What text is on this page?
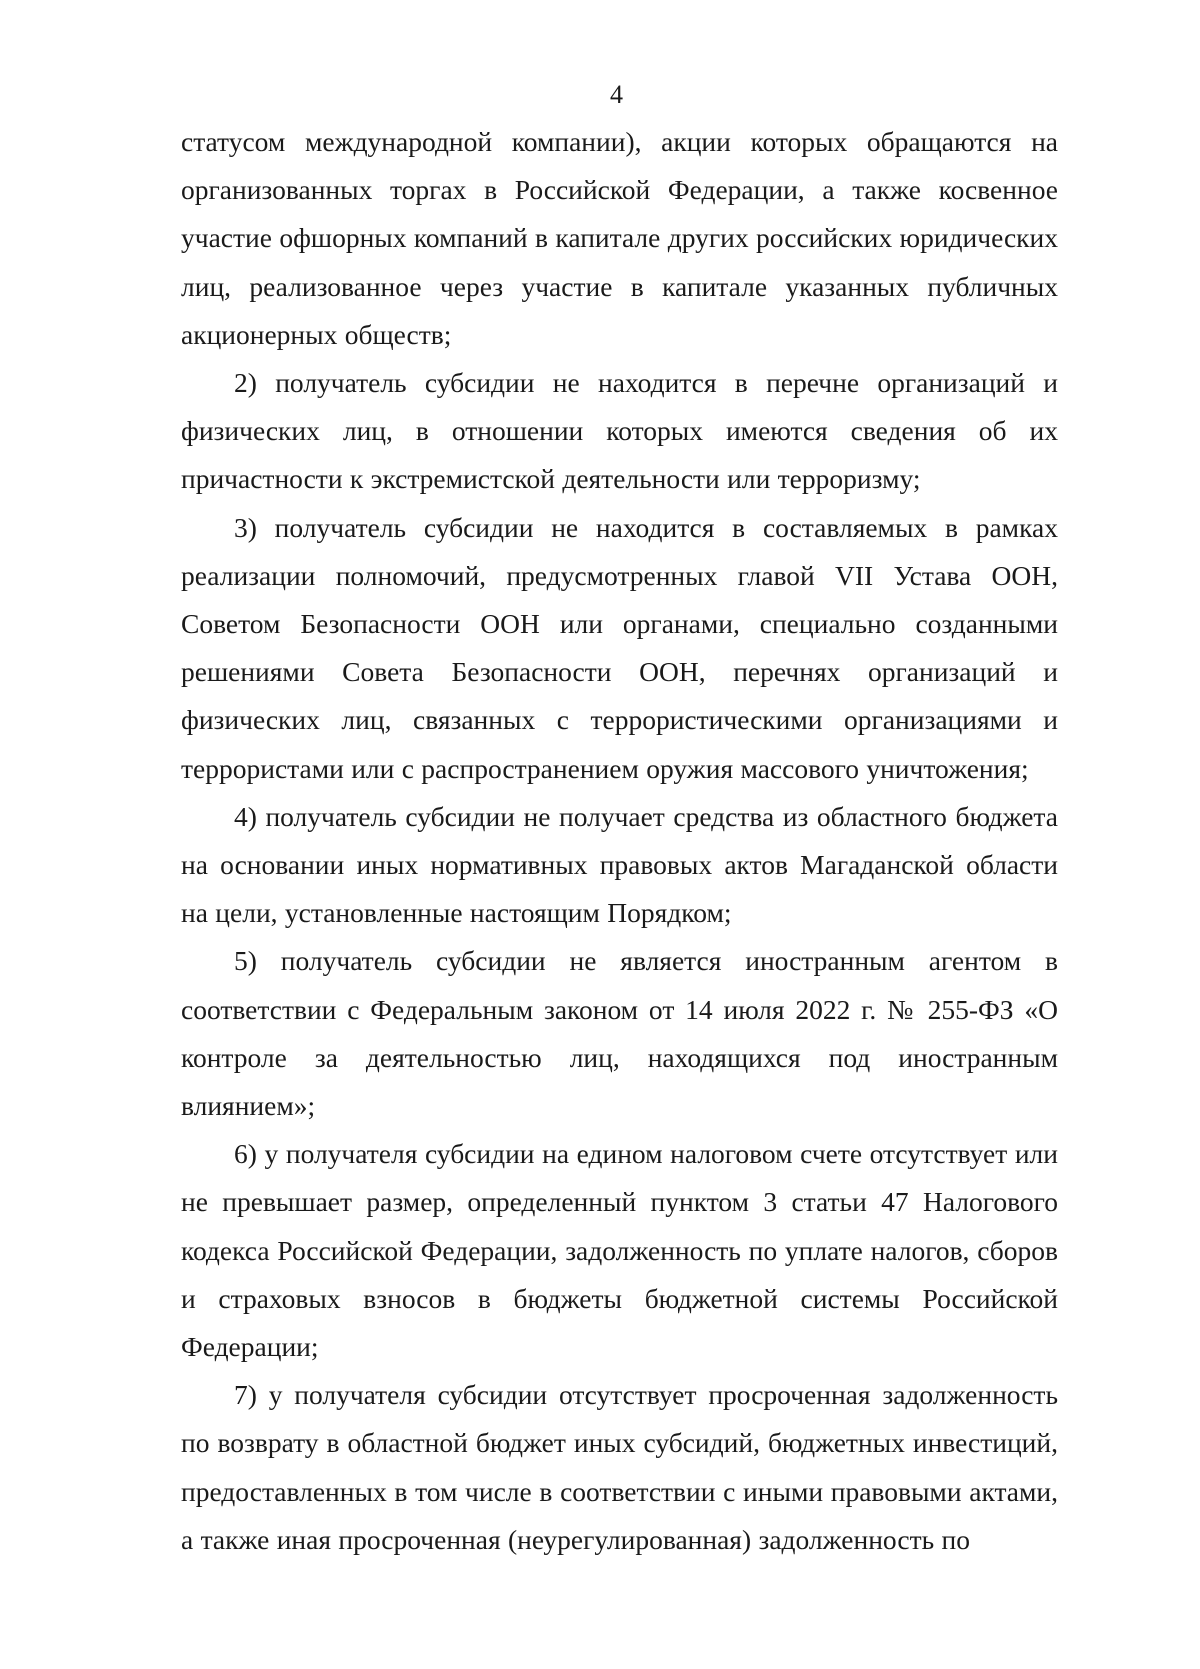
4

статусом международной компании), акции которых обращаются на организованных торгах в Российской Федерации, а также косвенное участие офшорных компаний в капитале других российских юридических лиц, реализованное через участие в капитале указанных публичных акционерных обществ;

2) получатель субсидии не находится в перечне организаций и физических лиц, в отношении которых имеются сведения об их причастности к экстремистской деятельности или терроризму;

3) получатель субсидии не находится в составляемых в рамках реализации полномочий, предусмотренных главой VII Устава ООН, Советом Безопасности ООН или органами, специально созданными решениями Совета Безопасности ООН, перечнях организаций и физических лиц, связанных с террористическими организациями и террористами или с распространением оружия массового уничтожения;

4) получатель субсидии не получает средства из областного бюджета на основании иных нормативных правовых актов Магаданской области на цели, установленные настоящим Порядком;

5) получатель субсидии не является иностранным агентом в соответствии с Федеральным законом от 14 июля 2022 г. № 255-ФЗ «О контроле за деятельностью лиц, находящихся под иностранным влиянием»;

6) у получателя субсидии на едином налоговом счете отсутствует или не превышает размер, определенный пунктом 3 статьи 47 Налогового кодекса Российской Федерации, задолженность по уплате налогов, сборов и страховых взносов в бюджеты бюджетной системы Российской Федерации;

7) у получателя субсидии отсутствует просроченная задолженность по возврату в областной бюджет иных субсидий, бюджетных инвестиций, предоставленных в том числе в соответствии с иными правовыми актами, а также иная просроченная (неурегулированная) задолженность по
